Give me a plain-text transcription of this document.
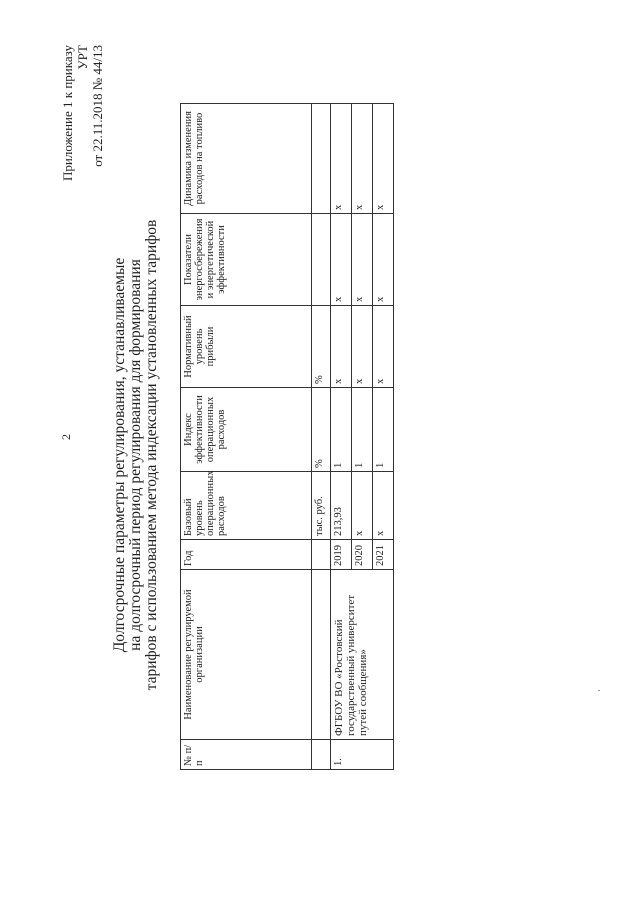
2
Приложение 1 к приказу УРТ от 22.11.2018 № 44/13
Долгосрочные параметры регулирования, устанавливаемые на долгосрочный период регулирования для формирования тарифов с использованием метода индексации установленных тарифов
№ п/п	Наименование регулируемой организации	Год	Базовый уровень операционных расходов	Индекс эффективности операционных расходов	Нормативный уровень прибыли	Показатели энергосбережения и энергетической эффективности	Динамика изменения расходов на топливо
			тыс. руб.	%	%		
1.	ФГБОУ ВО «Ростовский государственный университет путей сообщения»	2019	213,93	1	х	х	х
		2020	х	1	х	х	х
		2021	х	1	х	х	х
